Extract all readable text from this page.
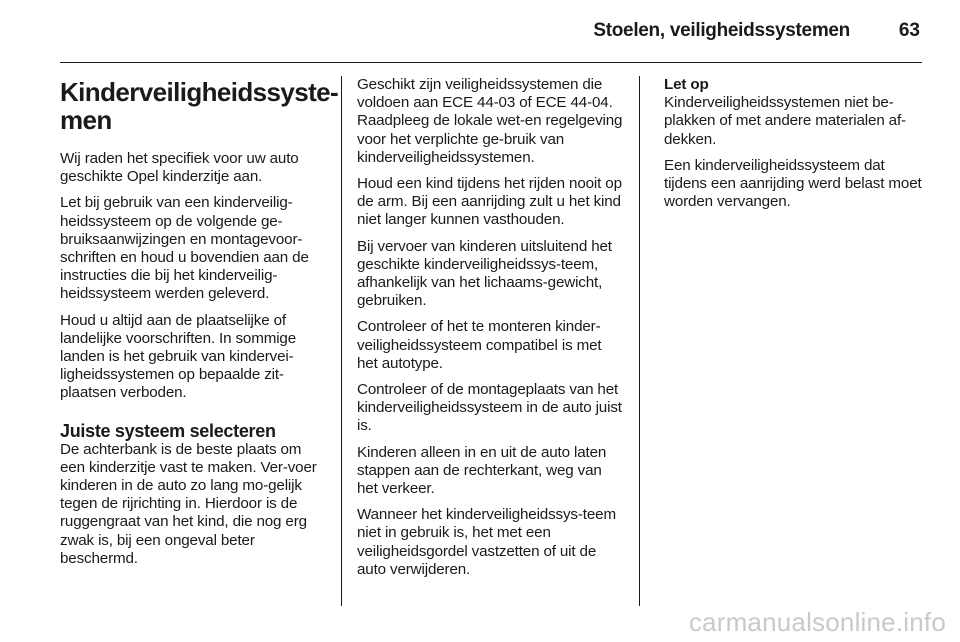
Stoelen, veiligheidssystemen	63
Kinderveiligheidssyste-
men

Wij raden het specifiek voor uw auto geschikte Opel kinderzitje aan.

Let bij gebruik van een kinderveilig-heidssysteem op de volgende ge-bruiksaanwijzingen en montagevoor-schriften en houd u bovendien aan de instructies die bij het kinderveilig-heidssysteem werden geleverd.

Houd u altijd aan de plaatselijke of landelijke voorschriften. In sommige landen is het gebruik van kindervei-ligheidssystemen op bepaalde zit-plaatsen verboden.

Juiste systeem selecteren

De achterbank is de beste plaats om een kinderzitje vast te maken. Ver-voer kinderen in de auto zo lang mo-gelijk tegen de rijrichting in. Hierdoor is de ruggengraat van het kind, die nog erg zwak is, bij een ongeval beter beschermd.

Geschikt zijn veiligheidssystemen die voldoen aan ECE 44-03 of ECE 44-04. Raadpleeg de lokale wet-en regelgeving voor het verplichte ge-bruik van kinderveiligheidssystemen.

Houd een kind tijdens het rijden nooit op de arm. Bij een aanrijding zult u het kind niet langer kunnen vasthouden.

Bij vervoer van kinderen uitsluitend het geschikte kinderveiligheidssys-teem, afhankelijk van het lichaams-gewicht, gebruiken.

Controleer of het te monteren kinder-veiligheidssysteem compatibel is met het autotype.

Controleer of de montageplaats van het kinderveiligheidssysteem in de auto juist is.

Kinderen alleen in en uit de auto laten stappen aan de rechterkant, weg van het verkeer.

Wanneer het kinderveiligheidssys-teem niet in gebruik is, het met een veiligheidsgordel vastzetten of uit de auto verwijderen.

Let op

Kinderveiligheidssystemen niet be-plakken of met andere materialen af-dekken.

Een kinderveiligheidssysteem dat tijdens een aanrijding werd belast moet worden vervangen.

carmanualsonline.info
